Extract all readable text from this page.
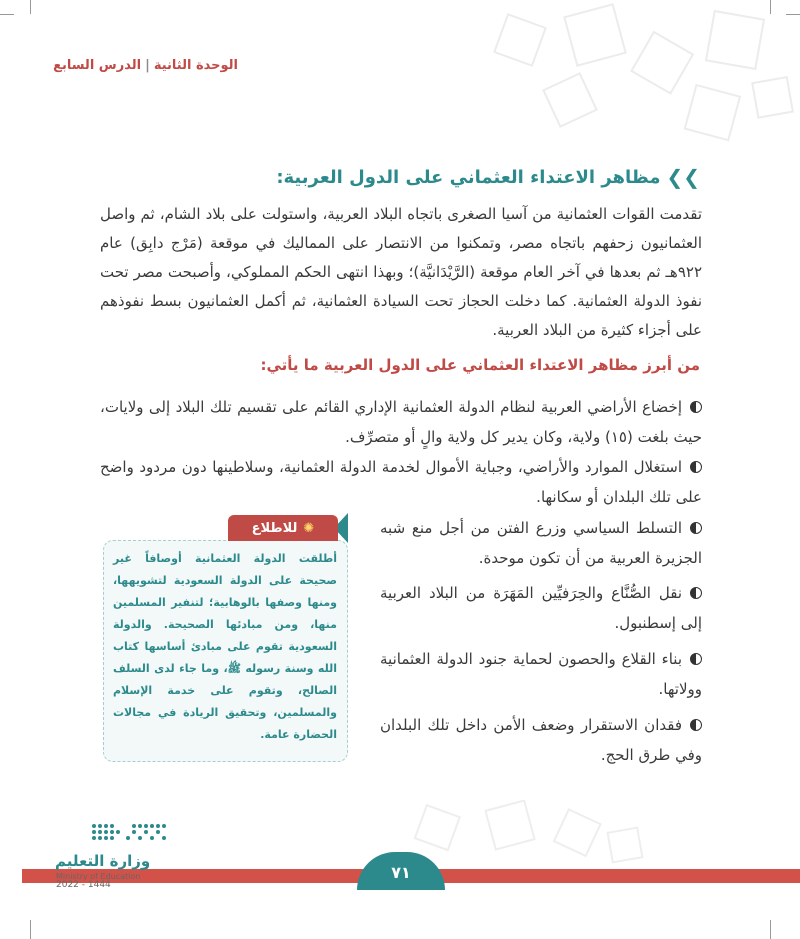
الوحدة الثانية|الدرس السابع
❯❯
مظاهر الاعتداء العثماني على الدول العربية:

تقدمت القوات العثمانية من آسيا الصغرى باتجاه البلاد العربية، واستولت على بلاد الشام، ثم واصل العثمانيون زحفهم باتجاه مصر، وتمكنوا من الانتصار على المماليك في موقعة (مَرْج دابِق) عام ٩٢٢هـ ثم بعدها في آخر العام موقعة (الرَّيْدَانيَّة)؛ وبهذا انتهى الحكم المملوكي، وأصبحت مصر تحت نفوذ الدولة العثمانية. كما دخلت الحجاز تحت السيادة العثمانية، ثم أكمل العثمانيون بسط نفوذهم على أجزاء كثيرة من البلاد العربية.

من أبرز مظاهر الاعتداء العثماني على الدول العربية ما يأتي:
إخضاع الأراضي العربية لنظام الدولة العثمانية الإداري القائم على تقسيم تلك البلاد إلى ولايات، حيث بلغت (١٥) ولاية، وكان يدير كل ولاية والٍ أو متصرِّف.
استغلال الموارد والأراضي، وجباية الأموال لخدمة الدولة العثمانية، وسلاطينها دون مردود واضح على تلك البلدان أو سكانها.
التسلط السياسي وزرع الفتن من أجل منع شبه الجزيرة العربية من أن تكون موحدة.
نقل الصُّنَّاع والحِرَفيِّين المَهَرَة من البلاد العربية إلى إسطنبول.
بناء القلاع والحصون لحماية جنود الدولة العثمانية وولاتها.
فقدان الاستقرار وضعف الأمن داخل تلك البلدان وفي طرق الحج.
✺
للاطلاع

أطلقت الدولة العثمانية أوصافاً غير صحيحة على الدولة السعودية لتشويهها، ومنها وصفها بالوهابية؛ لتنفير المسلمين منها، ومن مبادئها الصحيحة. والدولة السعودية تقوم على مبادئ أساسها كتاب الله وسنة رسوله ﷺ، وما جاء لدى السلف الصالح، وتقوم على خدمة الإسلام والمسلمين، وتحقيق الريادة في مجالات الحضارة عامة.

٧١
وزارة التعليم
Ministry of Education
2022 - 1444
